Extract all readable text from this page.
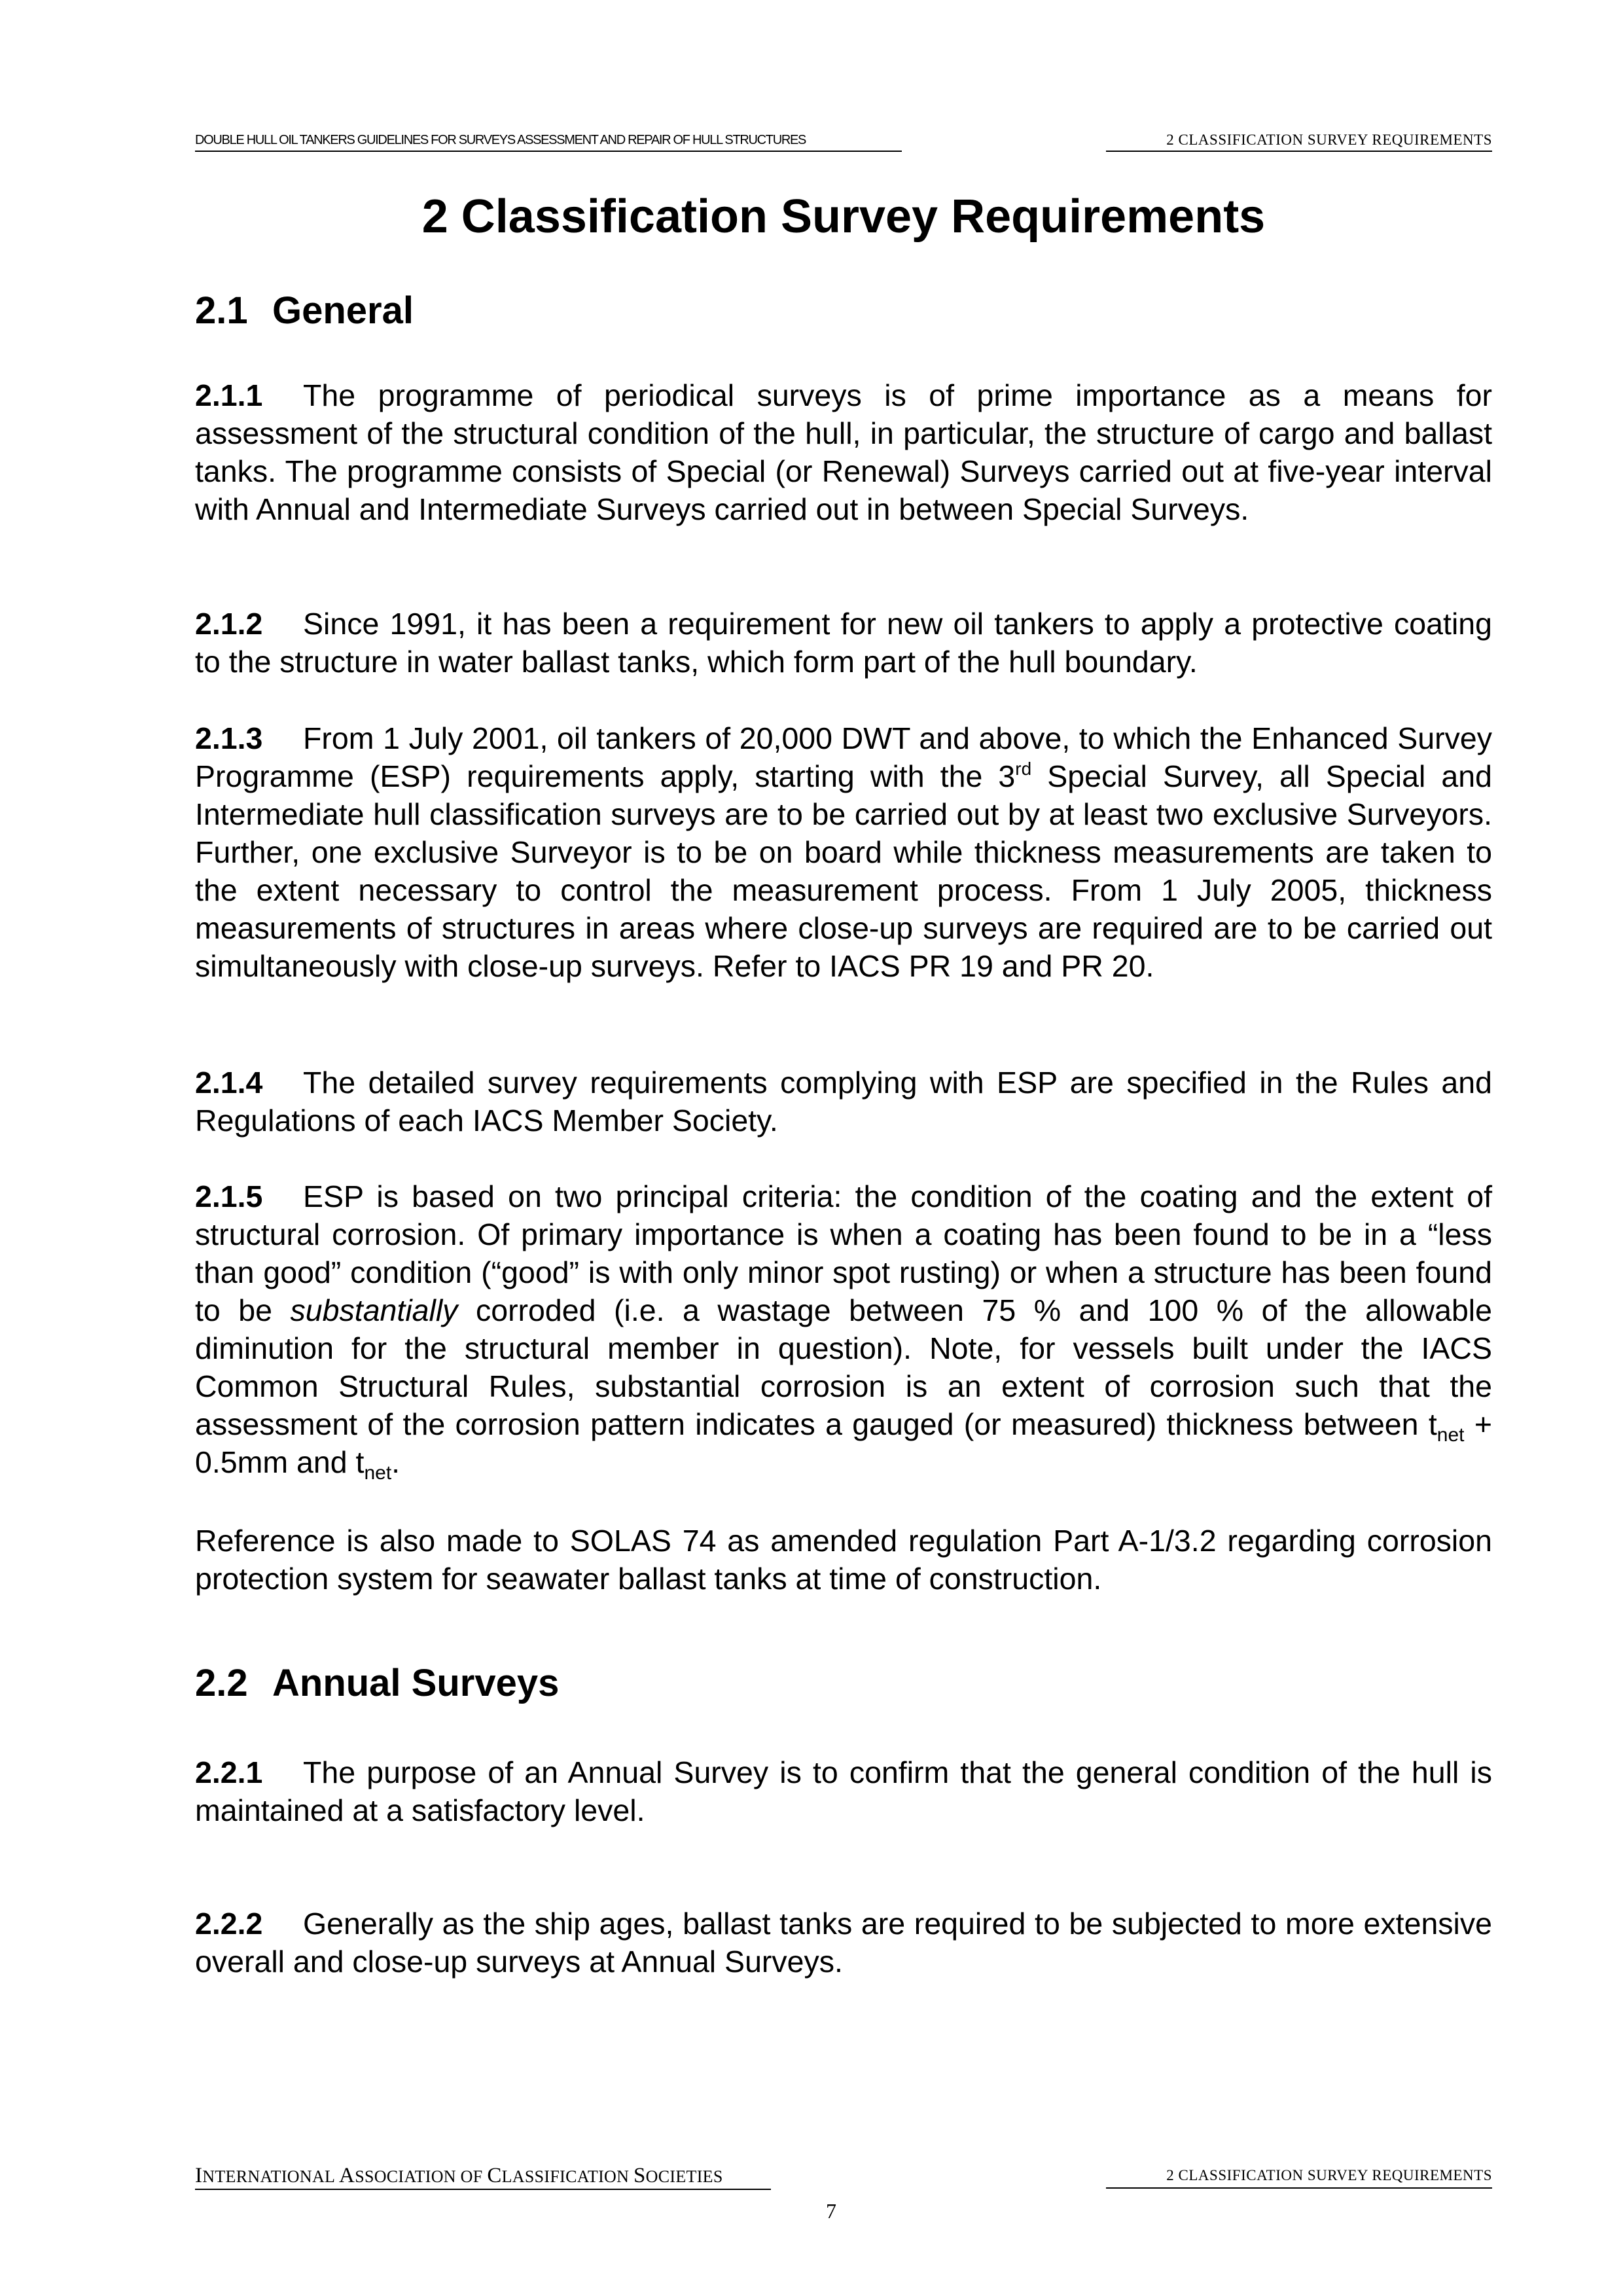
DOUBLE HULL OIL TANKERS GUIDELINES FOR SURVEYS ASSESSMENT AND REPAIR OF HULL STRUCTURES	2 CLASSIFICATION SURVEY REQUIREMENTS
2 Classification Survey Requirements
2.1 General
2.1.1 The programme of periodical surveys is of prime importance as a means for assessment of the structural condition of the hull, in particular, the structure of cargo and ballast tanks. The programme consists of Special (or Renewal) Surveys carried out at five-year interval with Annual and Intermediate Surveys carried out in between Special Surveys.
2.1.2 Since 1991, it has been a requirement for new oil tankers to apply a protective coating to the structure in water ballast tanks, which form part of the hull boundary.
2.1.3 From 1 July 2001, oil tankers of 20,000 DWT and above, to which the Enhanced Survey Programme (ESP) requirements apply, starting with the 3rd Special Survey, all Special and Intermediate hull classification surveys are to be carried out by at least two exclusive Surveyors. Further, one exclusive Surveyor is to be on board while thickness measurements are taken to the extent necessary to control the measurement process. From 1 July 2005, thickness measurements of structures in areas where close-up surveys are required are to be carried out simultaneously with close-up surveys. Refer to IACS PR 19 and PR 20.
2.1.4 The detailed survey requirements complying with ESP are specified in the Rules and Regulations of each IACS Member Society.
2.1.5 ESP is based on two principal criteria: the condition of the coating and the extent of structural corrosion. Of primary importance is when a coating has been found to be in a “less than good” condition (“good” is with only minor spot rusting) or when a structure has been found to be substantially corroded (i.e. a wastage between 75 % and 100 % of the allowable diminution for the structural member in question). Note, for vessels built under the IACS Common Structural Rules, substantial corrosion is an extent of corrosion such that the assessment of the corrosion pattern indicates a gauged (or measured) thickness between $t_{net} + 0.5mm$ and $t_{net}$.
Reference is also made to SOLAS 74 as amended regulation Part A-1/3.2 regarding corrosion protection system for seawater ballast tanks at time of construction.
2.2 Annual Surveys
2.2.1 The purpose of an Annual Survey is to confirm that the general condition of the hull is maintained at a satisfactory level.
2.2.2 Generally as the ship ages, ballast tanks are required to be subjected to more extensive overall and close-up surveys at Annual Surveys.
INTERNATIONAL ASSOCIATION OF CLASSIFICATION SOCIETIES	2 CLASSIFICATION SURVEY REQUIREMENTS
7
